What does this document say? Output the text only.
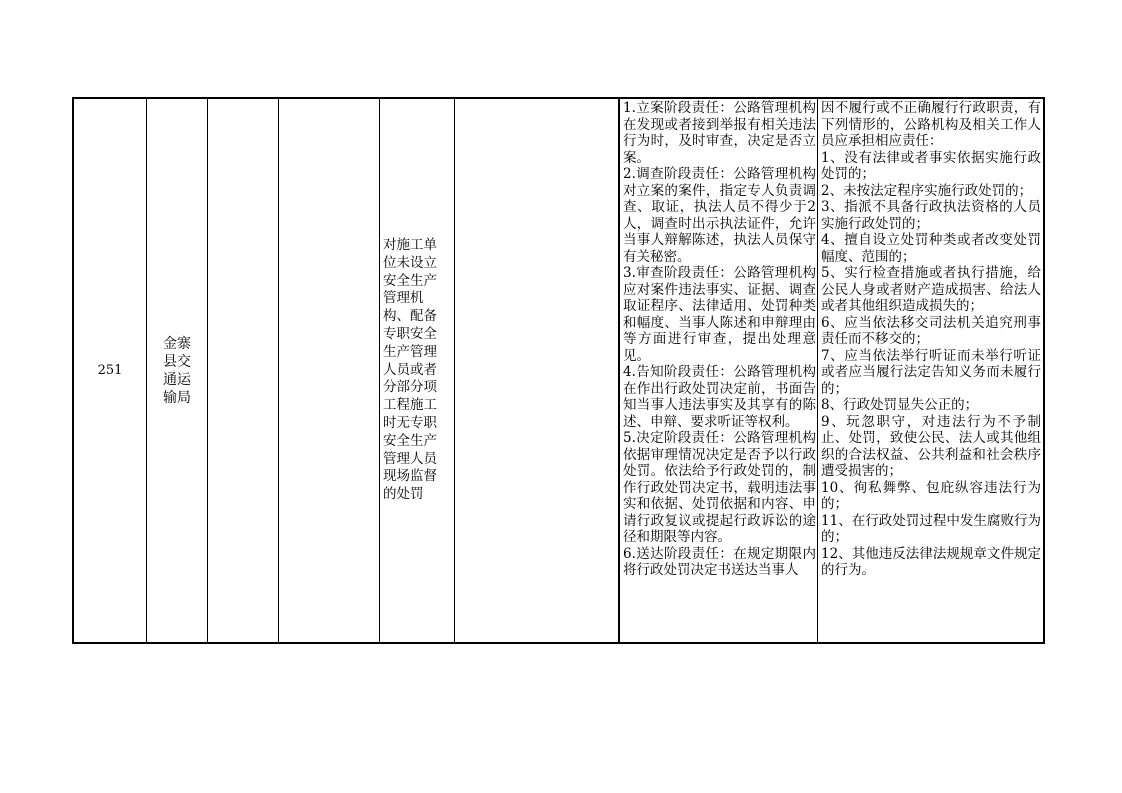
251
金寨县交通运输局
对施工单位未设立安全生产管理机构、配备专职安全生产管理人员或者分部分项工程施工时无专职安全生产管理人员现场监督的处罚

1.立案阶段责任：公路管理机构在发现或者接到举报有相关违法行为时，及时审查，决定是否立案。

2.调查阶段责任：公路管理机构对立案的案件，指定专人负责调查、取证，执法人员不得少于2人，调查时出示执法证件，允许当事人辩解陈述，执法人员保守有关秘密。

3.审查阶段责任：公路管理机构应对案件违法事实、证据、调查取证程序、法律适用、处罚种类和幅度、当事人陈述和申辩理由等方面进行审查，提出处理意见。

4.告知阶段责任：公路管理机构在作出行政处罚决定前，书面告知当事人违法事实及其享有的陈述、申辩、要求听证等权利。

5.决定阶段责任：公路管理机构依据审理情况决定是否予以行政处罚。依法给予行政处罚的，制作行政处罚决定书，载明违法事实和依据、处罚依据和内容、申请行政复议或提起行政诉讼的途径和期限等内容。

6.送达阶段责任：在规定期限内将行政处罚决定书送达当事人

因不履行或不正确履行行政职责，有下列情形的，公路机构及相关工作人员应承担相应责任：

1、没有法律或者事实依据实施行政处罚的；

2、未按法定程序实施行政处罚的；

3、指派不具备行政执法资格的人员实施行政处罚的；

4、擅自设立处罚种类或者改变处罚幅度、范围的；

5、实行检查措施或者执行措施，给公民人身或者财产造成损害、给法人或者其他组织造成损失的；

6、应当依法移交司法机关追究刑事责任而不移交的；

7、应当依法举行听证而未举行听证或者应当履行法定告知义务而未履行的；

8、行政处罚显失公正的；

9、玩忽职守，对违法行为不予制止、处罚，致使公民、法人或其他组织的合法权益、公共利益和社会秩序遭受损害的；

10、徇私舞弊、包庇纵容违法行为的；

11、在行政处罚过程中发生腐败行为的；

12、其他违反法律法规规章文件规定的行为。
